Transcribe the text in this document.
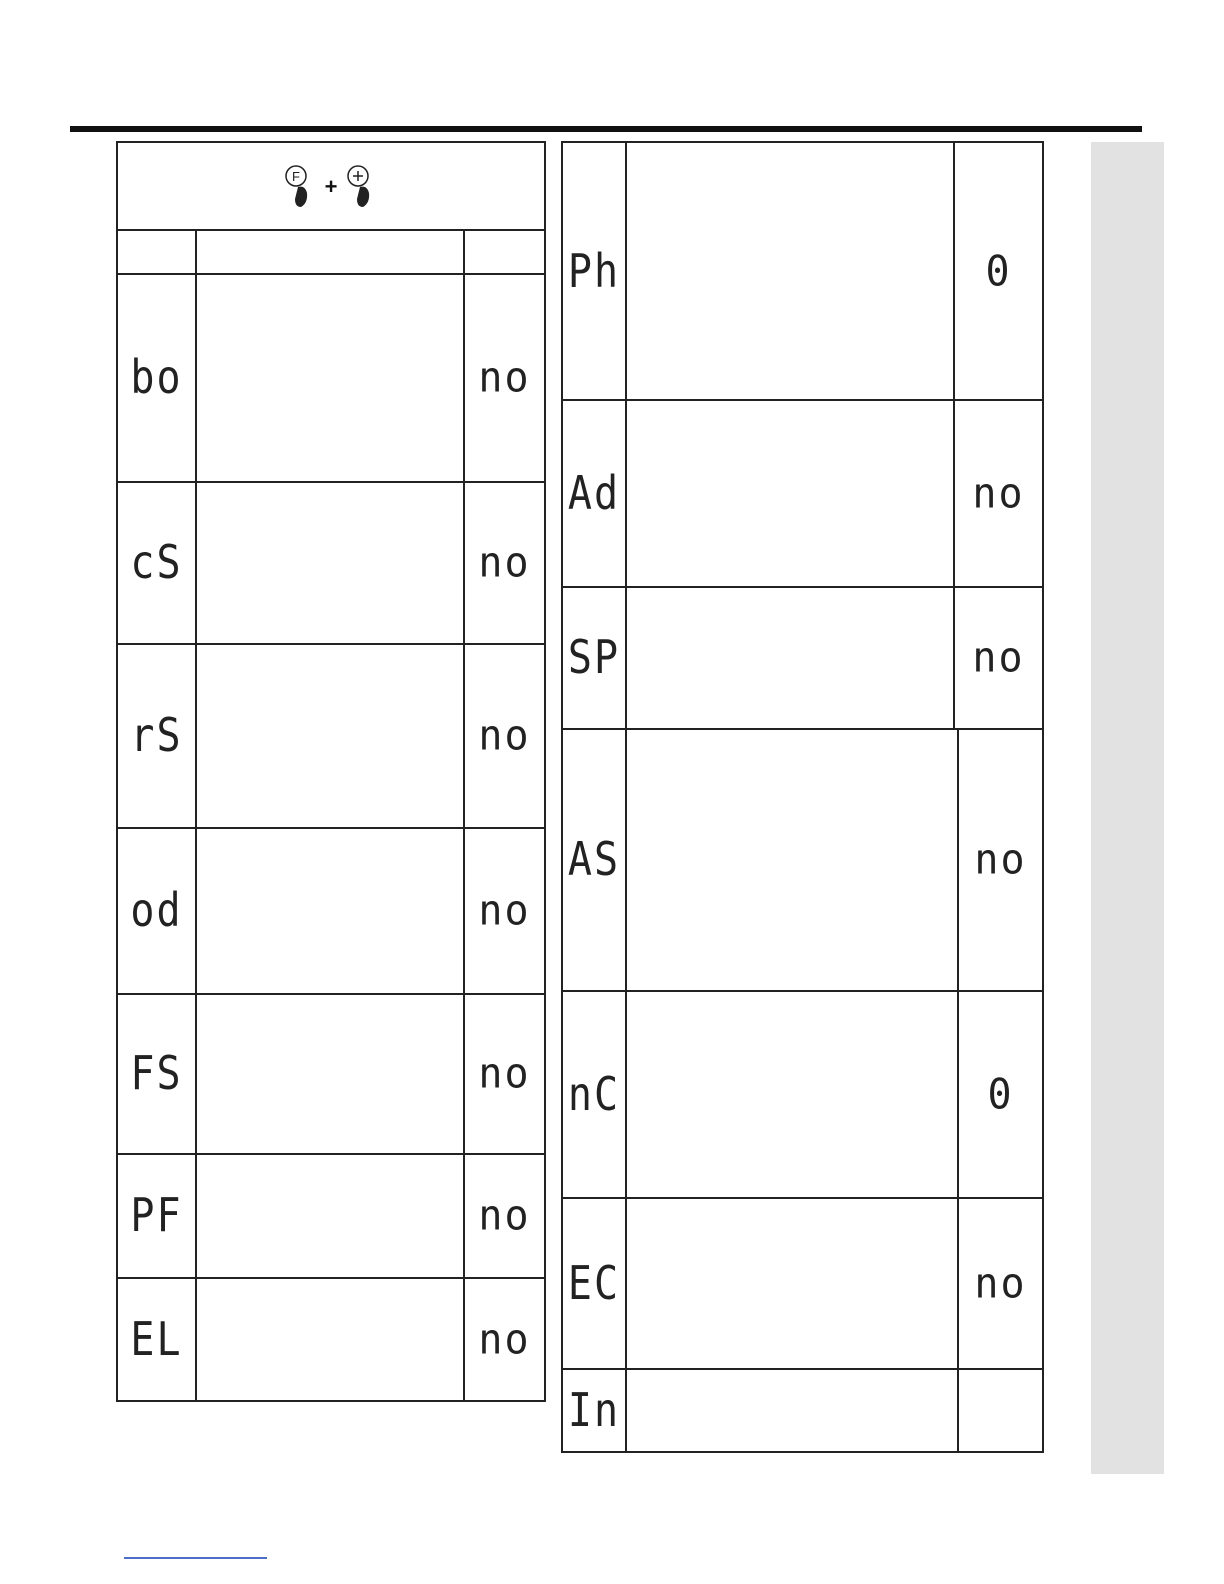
F +
bo	no
cS	no
rS	no
od	no
FS	no
PF	no
EL	no
Ph	0
Ad	no
SP	no
AS	no
nC	0
EC	no
In
